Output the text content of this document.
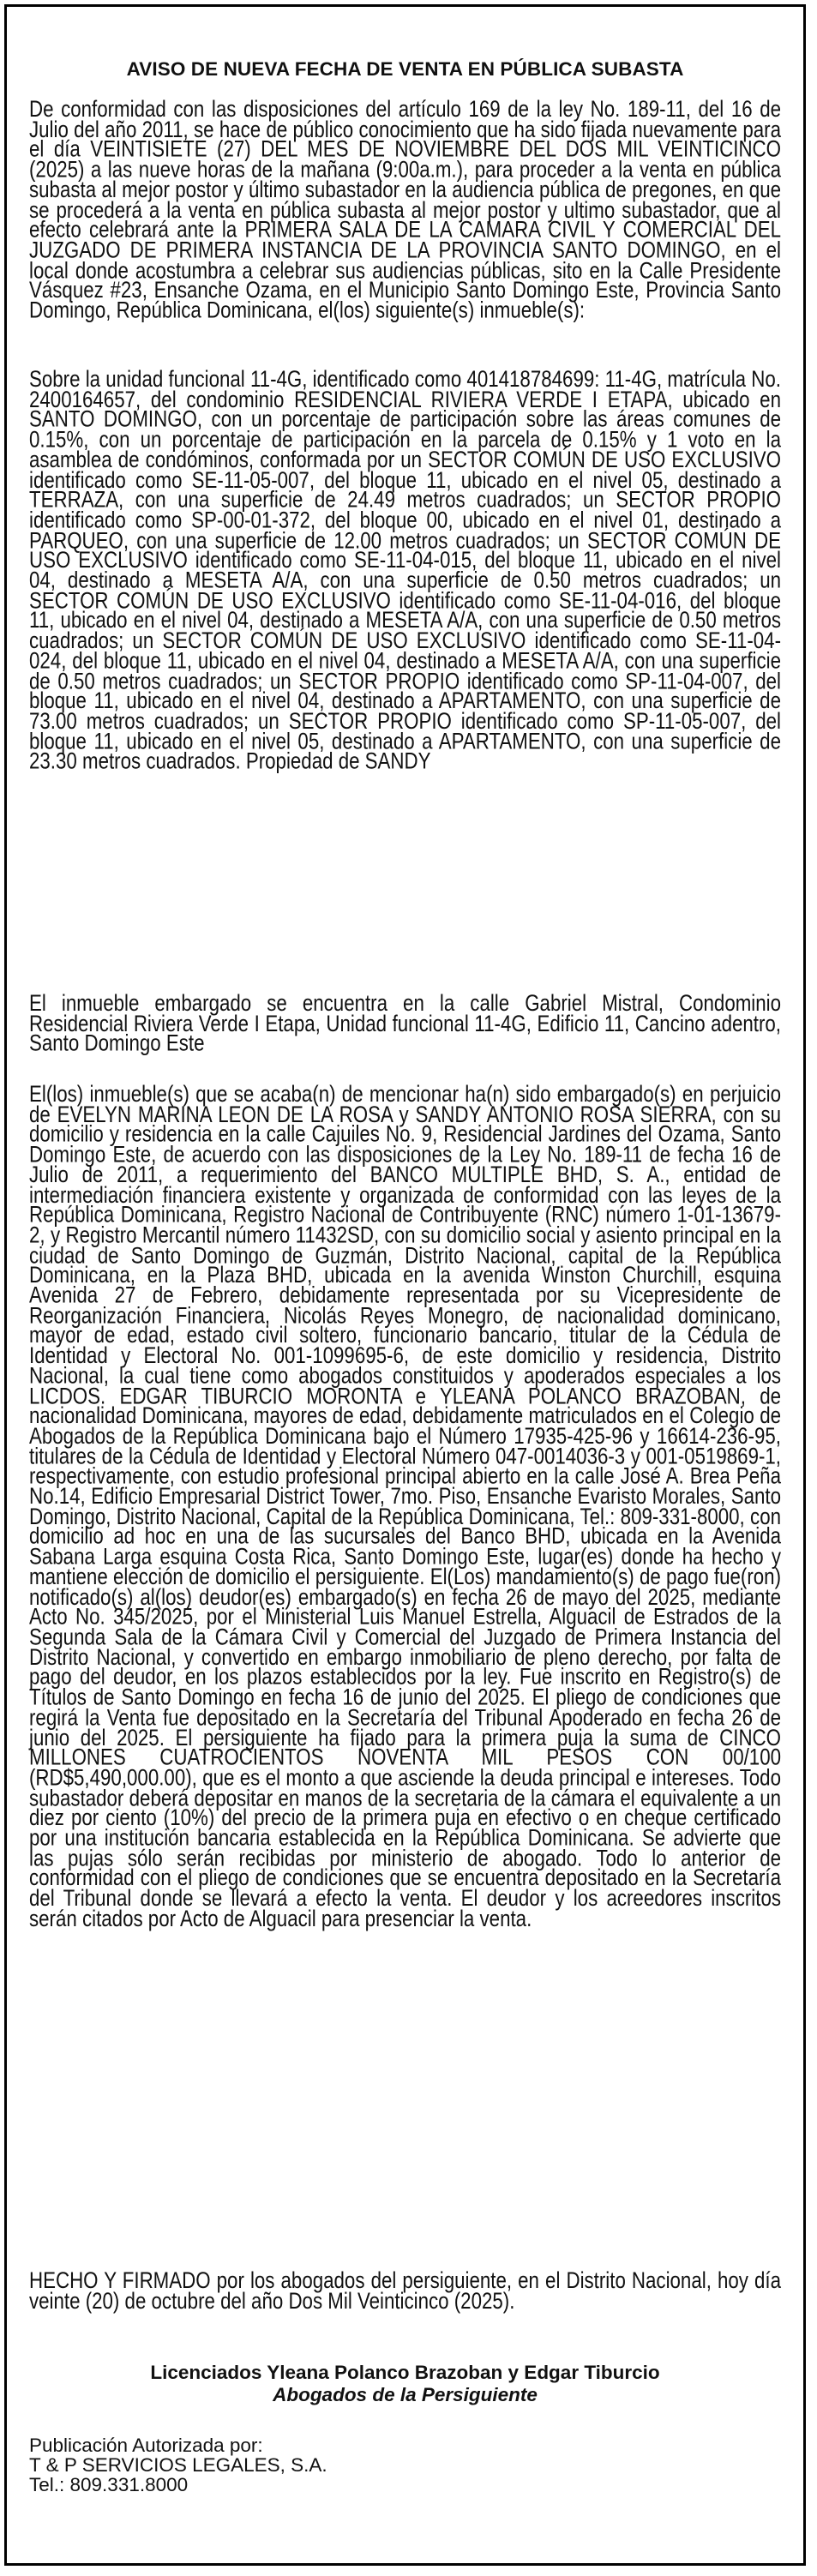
AVISO DE NUEVA FECHA DE VENTA EN PÚBLICA SUBASTA
De conformidad con las disposiciones del artículo 169 de la ley No. 189-11, del 16 de Julio del año 2011, se hace de público conocimiento que ha sido fijada nuevamente para el día VEINTISIETE (27) DEL MES DE NOVIEMBRE DEL DOS MIL VEINTICINCO (2025) a las nueve horas de la mañana (9:00a.m.), para proceder a la venta en pública subasta al mejor postor y último subastador en la audiencia pública de pregones, en que se procederá a la venta en pública subasta al mejor postor y ultimo subastador, que al efecto celebrará ante la PRIMERA SALA DE LA CAMARA CIVIL Y COMERCIAL DEL JUZGADO DE PRIMERA INSTANCIA DE LA PROVINCIA SANTO DOMINGO, en el local donde acostumbra a celebrar sus audiencias públicas, sito en la Calle Presidente Vásquez #23, Ensanche Ozama, en el Municipio Santo Domingo Este, Provincia Santo Domingo, República Dominicana, el(los) siguiente(s) inmueble(s):
Sobre la unidad funcional 11-4G, identificado como 401418784699: 11-4G, matrícula No. 2400164657, del condominio RESIDENCIAL RIVIERA VERDE I ETAPA, ubicado en SANTO DOMINGO, con un porcentaje de participación sobre las áreas comunes de 0.15%, con un porcentaje de participación en la parcela de 0.15% y 1 voto en la asamblea de condóminos, conformada por un SECTOR COMÚN DE USO EXCLUSIVO identificado como SE-11-05-007, del bloque 11, ubicado en el nivel 05, destinado a TERRAZA, con una superficie de 24.49 metros cuadrados; un SECTOR PROPIO identificado como SP-00-01-372, del bloque 00, ubicado en el nivel 01, destinado a PARQUEO, con una superficie de 12.00 metros cuadrados; un SECTOR COMÚN DE USO EXCLUSIVO identificado como SE-11-04-015, del bloque 11, ubicado en el nivel 04, destinado a MESETA A/A, con una superficie de 0.50 metros cuadrados; un SECTOR COMÚN DE USO EXCLUSIVO identificado como SE-11-04-016, del bloque 11, ubicado en el nivel 04, destinado a MESETA A/A, con una superficie de 0.50 metros cuadrados; un SECTOR COMÚN DE USO EXCLUSIVO identificado como SE-11-04-024, del bloque 11, ubicado en el nivel 04, destinado a MESETA A/A, con una superficie de 0.50 metros cuadrados; un SECTOR PROPIO identificado como SP-11-04-007, del bloque 11, ubicado en el nivel 04, destinado a APARTAMENTO, con una superficie de 73.00 metros cuadrados; un SECTOR PROPIO identificado como SP-11-05-007, del bloque 11, ubicado en el nivel 05, destinado a APARTAMENTO, con una superficie de 23.30 metros cuadrados. Propiedad de SANDY
El inmueble embargado se encuentra en la calle Gabriel Mistral, Condominio Residencial Riviera Verde I Etapa, Unidad funcional 11-4G, Edificio 11, Cancino adentro, Santo Domingo Este
El(los) inmueble(s) que se acaba(n) de mencionar ha(n) sido embargado(s) en perjuicio de EVELYN MARINA LEON DE LA ROSA y SANDY ANTONIO ROSA SIERRA, con su domicilio y residencia en la calle Cajuiles No. 9, Residencial Jardines del Ozama, Santo Domingo Este, de acuerdo con las disposiciones de la Ley No. 189-11 de fecha 16 de Julio de 2011, a requerimiento del BANCO MÚLTIPLE BHD, S. A., entidad de intermediación financiera existente y organizada de conformidad con las leyes de la República Dominicana, Registro Nacional de Contribuyente (RNC) número 1-01-13679-2, y Registro Mercantil número 11432SD, con su domicilio social y asiento principal en la ciudad de Santo Domingo de Guzmán, Distrito Nacional, capital de la República Dominicana, en la Plaza BHD, ubicada en la avenida Winston Churchill, esquina Avenida 27 de Febrero, debidamente representada por su Vicepresidente de Reorganización Financiera, Nicolás Reyes Monegro, de nacionalidad dominicano, mayor de edad, estado civil soltero, funcionario bancario, titular de la Cédula de Identidad y Electoral No. 001-1099695-6, de este domicilio y residencia, Distrito Nacional, la cual tiene como abogados constituidos y apoderados especiales a los LICDOS. EDGAR TIBURCIO MORONTA e YLEANA POLANCO BRAZOBAN, de nacionalidad Dominicana, mayores de edad, debidamente matriculados en el Colegio de Abogados de la República Dominicana bajo el Número 17935-425-96 y 16614-236-95, titulares de la Cédula de Identidad y Electoral Número 047-0014036-3 y 001-0519869-1, respectivamente, con estudio profesional principal abierto en la calle José A. Brea Peña No.14, Edificio Empresarial District Tower, 7mo. Piso, Ensanche Evaristo Morales, Santo Domingo, Distrito Nacional, Capital de la República Dominicana, Tel.: 809-331-8000, con domicilio ad hoc en una de las sucursales del Banco BHD, ubicada en la Avenida Sabana Larga esquina Costa Rica, Santo Domingo Este, lugar(es) donde ha hecho y mantiene elección de domicilio el persiguiente. El(Los) mandamiento(s) de pago fue(ron) notificado(s) al(los) deudor(es) embargado(s) en fecha 26 de mayo del 2025, mediante Acto No. 345/2025, por el Ministerial Luis Manuel Estrella, Alguacil de Estrados de la Segunda Sala de la Cámara Civil y Comercial del Juzgado de Primera Instancia del Distrito Nacional, y convertido en embargo inmobiliario de pleno derecho, por falta de pago del deudor, en los plazos establecidos por la ley. Fue inscrito en Registro(s) de Títulos de Santo Domingo en fecha 16 de junio del 2025. El pliego de condiciones que regirá la Venta fue depositado en la Secretaría del Tribunal Apoderado en fecha 26 de junio del 2025. El persiguiente ha fijado para la primera puja la suma de CINCO MILLONES CUATROCIENTOS NOVENTA MIL PESOS CON 00/100 (RD$5,490,000.00), que es el monto a que asciende la deuda principal e intereses. Todo subastador deberá depositar en manos de la secretaria de la cámara el equivalente a un diez por ciento (10%) del precio de la primera puja en efectivo o en cheque certificado por una institución bancaria establecida en la República Dominicana. Se advierte que las pujas sólo serán recibidas por ministerio de abogado. Todo lo anterior de conformidad con el pliego de condiciones que se encuentra depositado en la Secretaría del Tribunal donde se llevará a efecto la venta. El deudor y los acreedores inscritos serán citados por Acto de Alguacil para presenciar la venta.
HECHO Y FIRMADO por los abogados del persiguiente, en el Distrito Nacional, hoy día veinte (20) de octubre del año Dos Mil Veinticinco (2025).
Licenciados Yleana Polanco Brazoban y Edgar Tiburcio
Abogados de la Persiguiente
Publicación Autorizada por:
T & P SERVICIOS LEGALES, S.A.
Tel.: 809.331.8000
